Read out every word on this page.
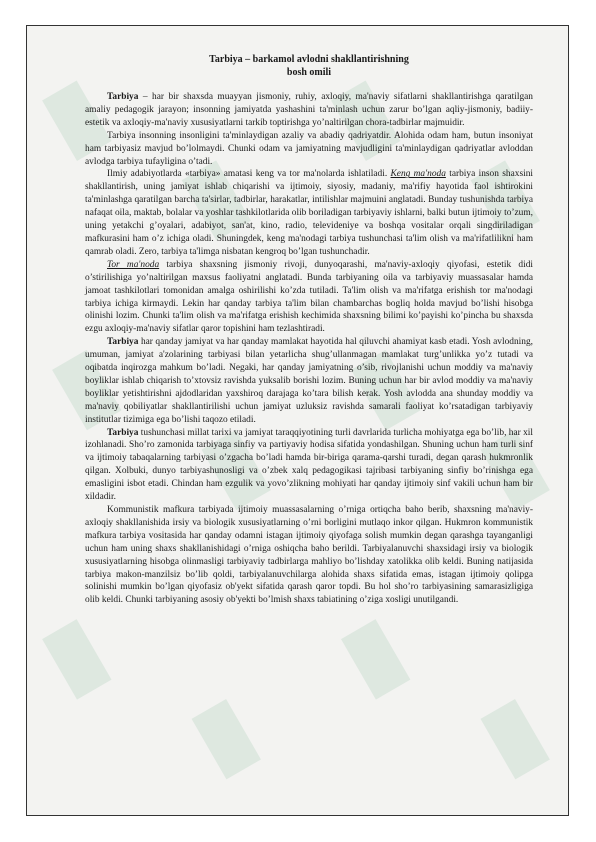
Tarbiya – barkamol avlodni shakllantirishning
bosh omili

Tarbiya – har bir shaxsda muayyan jismoniy, ruhiy, axloqiy, ma'naviy sifatlarni shakllantirishga qaratilgan amaliy pedagogik jarayon; insonning jamiyatda yashashini ta'minlash uchun zarur bo’lgan aqliy-jismoniy, badiiy-estetik va axloqiy-ma'naviy xususiyatlarni tarkib toptirishga yo’naltirilgan chora-tadbirlar majmuidir.

Tarbiya insonning insonligini ta'minlaydigan azaliy va abadiy qadriyatdir. Alohida odam ham, butun insoniyat ham tarbiyasiz mavjud bo’lolmaydi. Chunki odam va jamiyatning mavjudligini ta'minlaydigan qadriyatlar avloddan avlodga tarbiya tufayligina o’tadi.

Ilmiy adabiyotlarda «tarbiya» amatasi keng va tor ma'nolarda ishlatiladi. Keng ma'noda tarbiya inson shaxsini shakllantirish, uning jamiyat ishlab chiqarishi va ijtimoiy, siyosiy, madaniy, ma'rifiy hayotida faol ishtirokini ta'minlashga qaratilgan barcha ta'sirlar, tadbirlar, harakatlar, intilishlar majmuini anglatadi. Bunday tushunishda tarbiya nafaqat oila, maktab, bolalar va yoshlar tashkilotlarida olib boriladigan tarbiyaviy ishlarni, balki butun ijtimoiy to’zum, uning yetakchi g’oyalari, adabiyot, san'at, kino, radio, televideniye va boshqa vositalar orqali singdiriladigan mafkurasini ham o’z ichiga oladi. Shuningdek, keng ma'nodagi tarbiya tushunchasi ta'lim olish va ma'rifatlilikni ham qamrab oladi. Zero, tarbiya ta'limga nisbatan kengroq bo’lgan tushunchadir.

Tor ma'noda tarbiya shaxsning jismoniy rivoji, dunyoqarashi, ma'naviy-axloqiy qiyofasi, estetik didi o’stirilishiga yo’naltirilgan maxsus faoliyatni anglatadi. Bunda tarbiyaning oila va tarbiyaviy muassasalar hamda jamoat tashkilotlari tomonidan amalga oshirilishi ko’zda tutiladi. Ta'lim olish va ma'rifatga erishish tor ma'nodagi tarbiya ichiga kirmaydi. Lekin har qanday tarbiya ta'lim bilan chambarchas bogliq holda mavjud bo’lishi hisobga olinishi lozim. Chunki ta'lim olish va ma'rifatga erishish kechimida shaxsning bilimi ko’payishi ko’pincha bu shaxsda ezgu axloqiy-ma'naviy sifatlar qaror topishini ham tezlashtiradi.

Tarbiya har qanday jamiyat va har qanday mamlakat hayotida hal qiluvchi ahamiyat kasb etadi. Yosh avlodning, umuman, jamiyat a'zolarining tarbiyasi bilan yetarlicha shug’ullanmagan mamlakat turg’unlikka yo’z tutadi va oqibatda inqirozga mahkum bo’ladi. Negaki, har qanday jamiyatning o’sib, rivojlanishi uchun moddiy va ma'naviy boyliklar ishlab chiqarish to’xtovsiz ravishda yuksalib borishi lozim. Buning uchun har bir avlod moddiy va ma'naviy boyliklar yetishtirishni ajdodlaridan yaxshiroq darajaga ko’tara bilish kerak. Yosh avlodda ana shunday moddiy va ma'naviy qobiliyatlar shakllantirilishi uchun jamiyat uzluksiz ravishda samarali faoliyat ko’rsatadigan tarbiyaviy institutlar tizimiga ega bo’lishi taqozo etiladi.

Tarbiya tushunchasi millat tarixi va jamiyat taraqqiyotining turli davrlarida turlicha mohiyatga ega bo’lib, har xil izohlanadi. Sho’ro zamonida tarbiyaga sinfiy va partiyaviy hodisa sifatida yondashilgan. Shuning uchun ham turli sinf va ijtimoiy tabaqalarning tarbiyasi o’zgacha bo’ladi hamda bir-biriga qarama-qarshi turadi, degan qarash hukmronlik qilgan. Xolbuki, dunyo tarbiyashunosligi va o’zbek xalq pedagogikasi tajribasi tarbiyaning sinfiy bo’rinishga ega emasligini isbot etadi. Chindan ham ezgulik va yovo’zlikning mohiyati har qanday ijtimoiy sinf vakili uchun ham bir xildadir.

Kommunistik mafkura tarbiyada ijtimoiy muassasalarning o’rniga ortiqcha baho berib, shaxsning ma'naviy-axloqiy shakllanishida irsiy va biologik xususiyatlarning o’rni borligini mutlaqo inkor qilgan. Hukmron kommunistik mafkura tarbiya vositasida har qanday odamni istagan ijtimoiy qiyofaga solish mumkin degan qarashga tayanganligi uchun ham uning shaxs shakllanishidagi o’rniga oshiqcha baho berildi. Tarbiyalanuvchi shaxsidagi irsiy va biologik xususiyatlarning hisobga olinmasligi tarbiyaviy tadbirlarga mahliyo bo’lishday xatolikka olib keldi. Buning natijasida tarbiya makon-manzilsiz bo’lib qoldi, tarbiyalanuvchilarga alohida shaxs sifatida emas, istagan ijtimoiy qolipga solinishi mumkin bo’lgan qiyofasiz ob'yekt sifatida qarash qaror topdi. Bu hol sho’ro tarbiyasining samarasizligiga olib keldi. Chunki tarbiyaning asosiy ob'yekti bo’lmish shaxs tabiatining o’ziga xosligi unutilgandi.
